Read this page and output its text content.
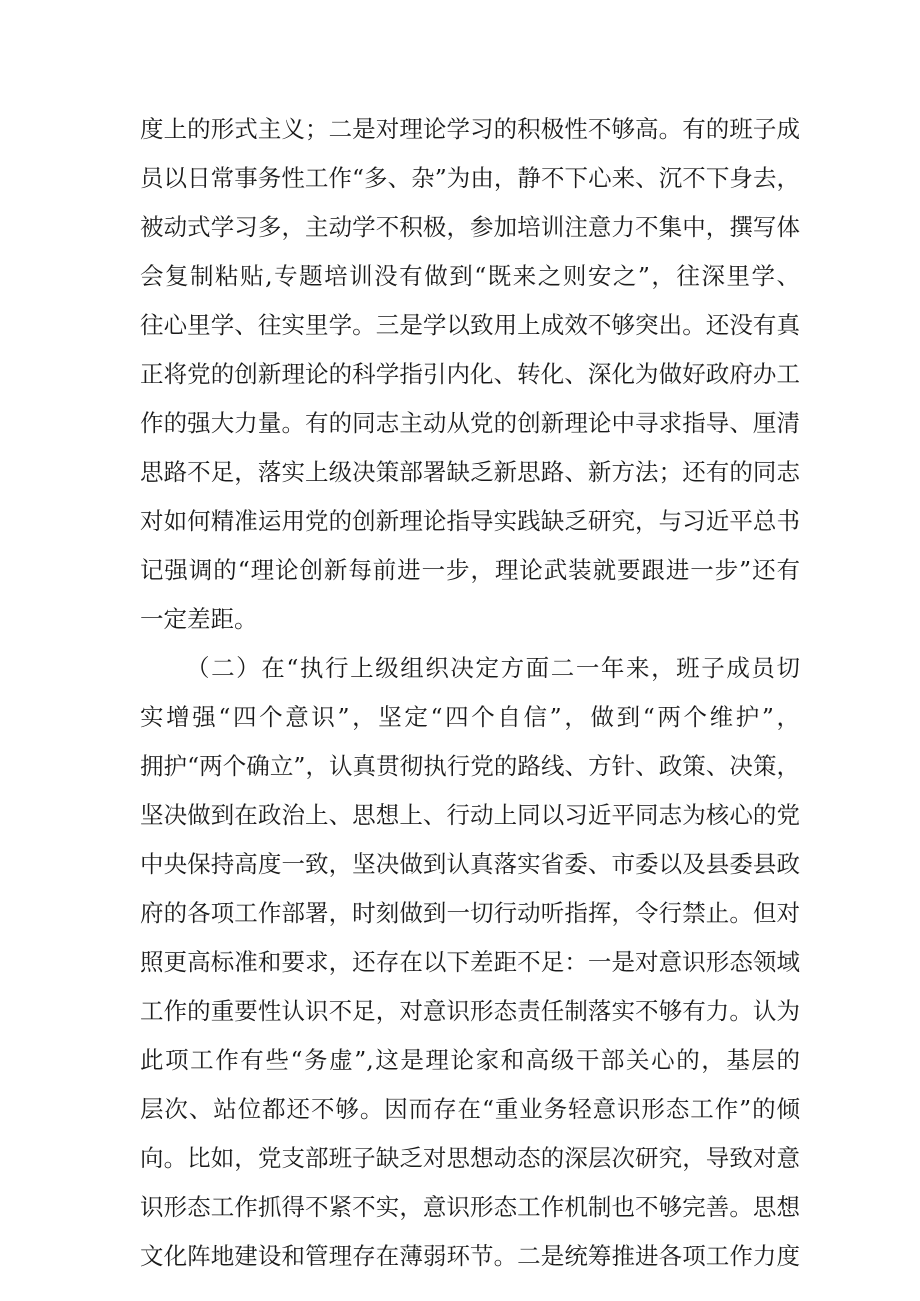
度上的形式主义；二是对理论学习的积极性不够高。有的班子成
员以日常事务性工作“多、杂”为由，静不下心来、沉不下身去，
被动式学习多，主动学不积极，参加培训注意力不集中，撰写体
会复制粘贴,专题培训没有做到“既来之则安之”，往深里学、
往心里学、往实里学。三是学以致用上成效不够突出。还没有真
正将党的创新理论的科学指引内化、转化、深化为做好政府办工
作的强大力量。有的同志主动从党的创新理论中寻求指导、厘清
思路不足，落实上级决策部署缺乏新思路、新方法；还有的同志
对如何精准运用党的创新理论指导实践缺乏研究，与习近平总书
记强调的“理论创新每前进一步，理论武装就要跟进一步”还有
一定差距。
（二）在“执行上级组织决定方面二一年来，班子成员切
实增强“四个意识”，坚定“四个自信”，做到“两个维护”，
拥护“两个确立”，认真贯彻执行党的路线、方针、政策、决策，
坚决做到在政治上、思想上、行动上同以习近平同志为核心的党
中央保持高度一致，坚决做到认真落实省委、市委以及县委县政
府的各项工作部署，时刻做到一切行动听指挥，令行禁止。但对
照更高标准和要求，还存在以下差距不足：一是对意识形态领域
工作的重要性认识不足，对意识形态责任制落实不够有力。认为
此项工作有些“务虚”,这是理论家和高级干部关心的，基层的
层次、站位都还不够。因而存在“重业务轻意识形态工作”的倾
向。比如，党支部班子缺乏对思想动态的深层次研究，导致对意
识形态工作抓得不紧不实，意识形态工作机制也不够完善。思想
文化阵地建设和管理存在薄弱环节。二是统筹推进各项工作力度
